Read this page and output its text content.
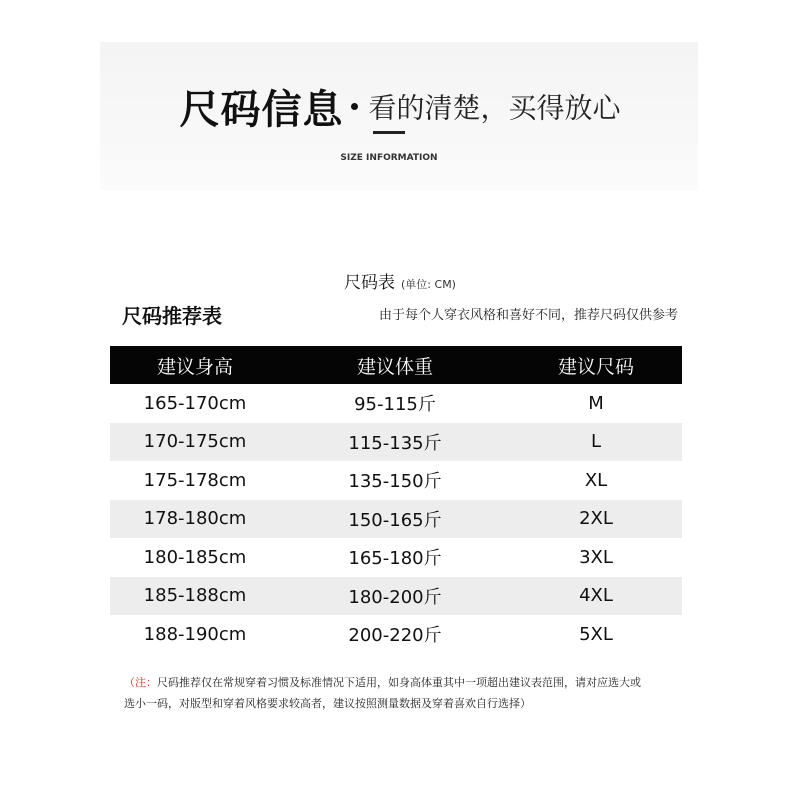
尺码信息 看的清楚，买得放心
SIZE INFORMATION
尺码表 (单位: CM)
尺码推荐表	由于每个人穿衣风格和喜好不同，推荐尺码仅供参考
建议身高	建议体重	建议尺码
165-170cm	95-115斤	M
170-175cm	115-135斤	L
175-178cm	135-150斤	XL
178-180cm	150-165斤	2XL
180-185cm	165-180斤	3XL
185-188cm	180-200斤	4XL
188-190cm	200-220斤	5XL
（注：尺码推荐仅在常规穿着习惯及标准情况下适用，如身高体重其中一项超出建议表范围，请对应选大或
选小一码，对版型和穿着风格要求较高者，建议按照测量数据及穿着喜欢自行选择）
